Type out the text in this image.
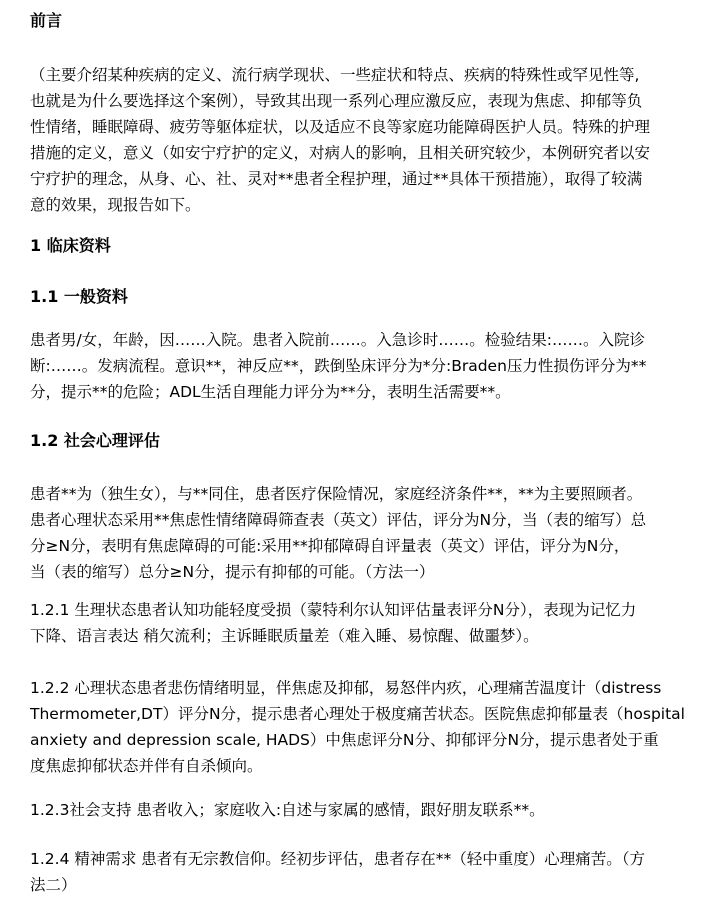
前言

（主要介绍某种疾病的定义、流行病学现状、一些症状和特点、疾病的特殊性或罕见性等,

也就是为什么要选择这个案例），导致其出现一系列心理应激反应，表现为焦虑、抑郁等负

性情绪，睡眠障碍、疲劳等躯体症状，以及适应不良等家庭功能障碍医护人员。特殊的护理

措施的定义，意义（如安宁疗护的定义，对病人的影响，且相关研究较少，本例研究者以安

宁疗护的理念，从身、心、社、灵对**患者全程护理，通过**具体干预措施），取得了较满

意的效果，现报告如下。

1 临床资料

1.1 一般资料

患者男/女，年龄，因……入院。患者入院前……。入急诊时……。检验结果:……。入院诊

断:……。发病流程。意识**，神反应**，跌倒坠床评分为*分:Braden压力性损伤评分为**

分，提示**的危险；ADL生活自理能力评分为**分，表明生活需要**。

1.2 社会心理评估

患者**为（独生女），与**同住，患者医疗保险情况，家庭经济条件**，**为主要照顾者。

患者心理状态采用**焦虑性情绪障碍筛查表（英文）评估，评分为N分，当（表的缩写）总

分≥N分，表明有焦虑障碍的可能:采用**抑郁障碍自评量表（英文）评估，评分为N分，

当（表的缩写）总分≥N分，提示有抑郁的可能。（方法一）

1.2.1 生理状态患者认知功能轻度受损（蒙特利尔认知评估量表评分N分），表现为记忆力

下降、语言表达 稍欠流利；主诉睡眠质量差（难入睡、易惊醒、做噩梦）。

1.2.2 心理状态患者悲伤情绪明显，伴焦虑及抑郁，易怒伴内疚，心理痛苦温度计（distress

Thermometer,DT）评分N分，提示患者心理处于极度痛苦状态。医院焦虑抑郁量表（hospital

anxiety and depression scale, HADS）中焦虑评分N分、抑郁评分N分，提示患者处于重

度焦虑抑郁状态并伴有自杀倾向。

1.2.3社会支持 患者收入；家庭收入:自述与家属的感情，跟好朋友联系**。

1.2.4 精神需求 患者有无宗教信仰。经初步评估，患者存在**（轻中重度）心理痛苦。（方

法二）
